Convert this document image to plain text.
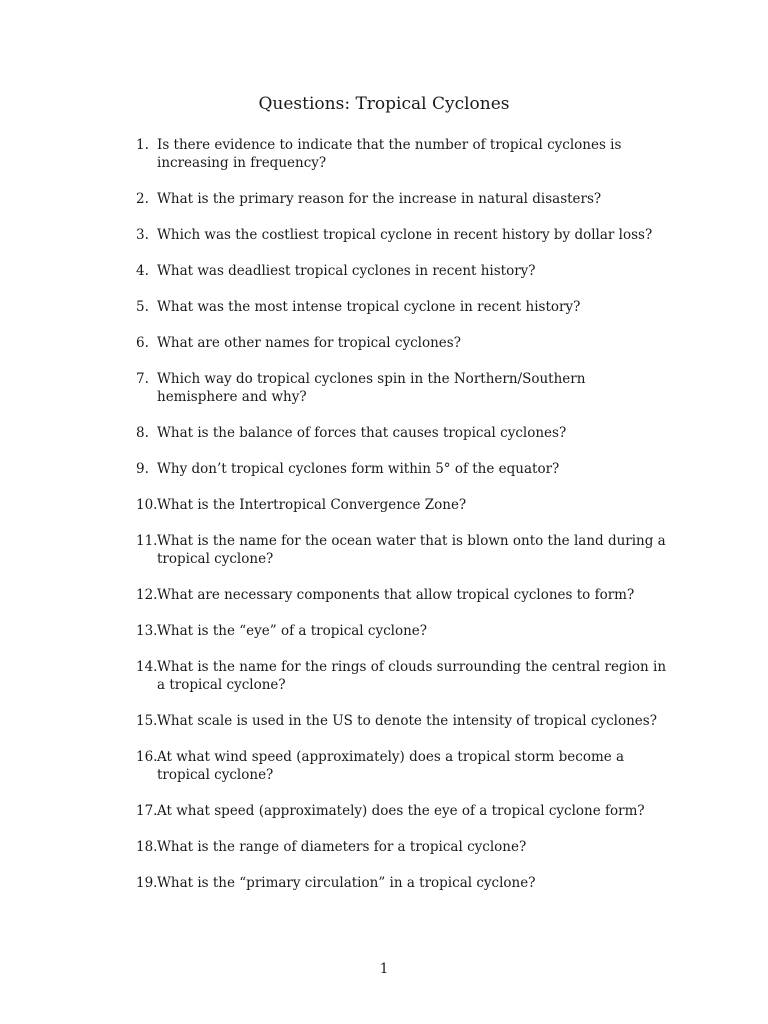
Questions: Tropical Cyclones
1. Is there evidence to indicate that the number of tropical cyclones is increasing in frequency?
2. What is the primary reason for the increase in natural disasters?
3. Which was the costliest tropical cyclone in recent history by dollar loss?
4. What was deadliest tropical cyclones in recent history?
5. What was the most intense tropical cyclone in recent history?
6. What are other names for tropical cyclones?
7. Which way do tropical cyclones spin in the Northern/Southern hemisphere and why?
8. What is the balance of forces that causes tropical cyclones?
9. Why don’t tropical cyclones form within 5° of the equator?
10. What is the Intertropical Convergence Zone?
11. What is the name for the ocean water that is blown onto the land during a tropical cyclone?
12. What are necessary components that allow tropical cyclones to form?
13. What is the “eye” of a tropical cyclone?
14. What is the name for the rings of clouds surrounding the central region in a tropical cyclone?
15. What scale is used in the US to denote the intensity of tropical cyclones?
16. At what wind speed (approximately) does a tropical storm become a tropical cyclone?
17. At what speed (approximately) does the eye of a tropical cyclone form?
18. What is the range of diameters for a tropical cyclone?
19. What is the “primary circulation” in a tropical cyclone?
1
